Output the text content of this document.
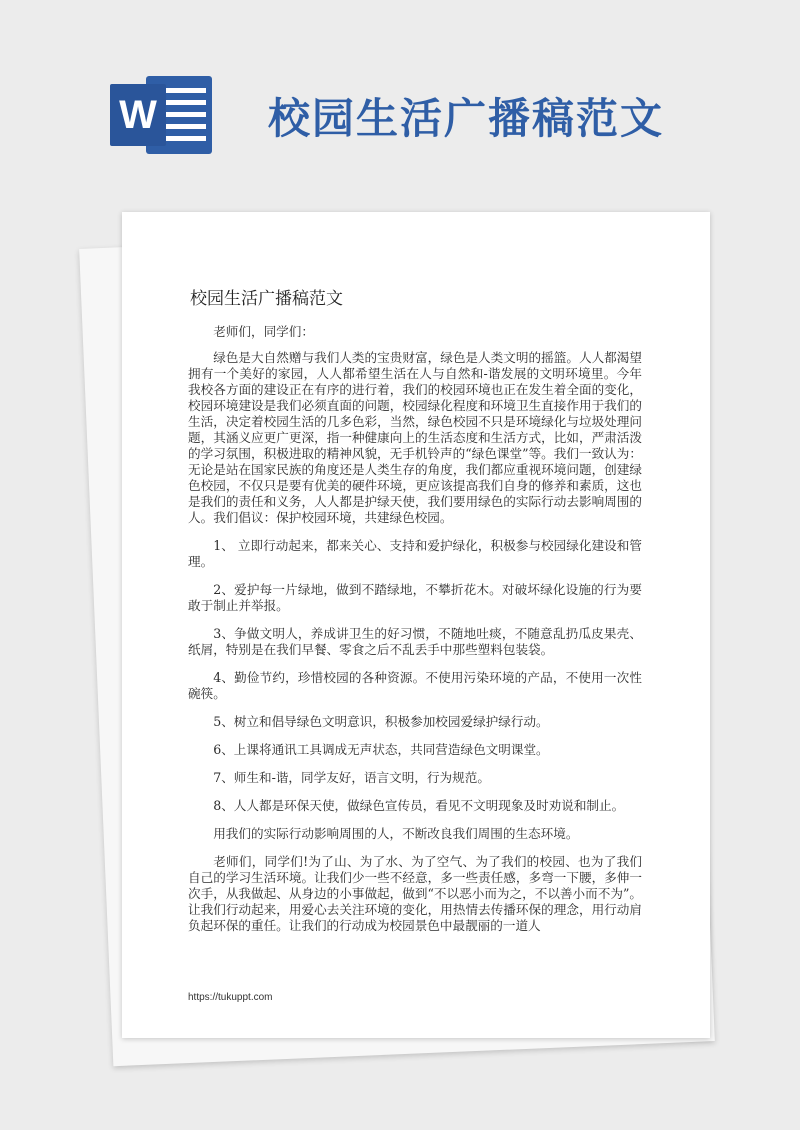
W	校园生活广播稿范文
校园生活广播稿范文

老师们，同学们：

绿色是大自然赠与我们人类的宝贵财富，绿色是人类文明的摇篮。人人都渴望拥有一个美好的家园，人人都希望生活在人与自然和-谐发展的文明环境里。今年我校各方面的建设正在有序的进行着，我们的校园环境也正在发生着全面的变化，校园环境建设是我们必须直面的问题，校园绿化程度和环境卫生直接作用于我们的生活，决定着校园生活的几多色彩，当然，绿色校园不只是环境绿化与垃圾处理问题，其涵义应更广更深，指一种健康向上的生活态度和生活方式，比如，严肃活泼的学习氛围，积极进取的精神风貌，无手机铃声的“绿色课堂”等。我们一致认为：无论是站在国家民族的角度还是人类生存的角度，我们都应重视环境问题，创建绿色校园，不仅只是要有优美的硬件环境，更应该提高我们自身的修养和素质，这也是我们的责任和义务，人人都是护绿天使，我们要用绿色的实际行动去影响周围的人。我们倡议：保护校园环境，共建绿色校园。

1、 立即行动起来，都来关心、支持和爱护绿化，积极参与校园绿化建设和管理。

2、爱护每一片绿地，做到不踏绿地，不攀折花木。对破坏绿化设施的行为要敢于制止并举报。

3、争做文明人，养成讲卫生的好习惯，不随地吐痰，不随意乱扔瓜皮果壳、纸屑，特别是在我们早餐、零食之后不乱丢手中那些塑料包装袋。

4、勤俭节约，珍惜校园的各种资源。不使用污染环境的产品，不使用一次性碗筷。

5、树立和倡导绿色文明意识，积极参加校园爱绿护绿行动。

6、上课将通讯工具调成无声状态，共同营造绿色文明课堂。

7、师生和-谐，同学友好，语言文明，行为规范。

8、人人都是环保天使，做绿色宣传员，看见不文明现象及时劝说和制止。

用我们的实际行动影响周围的人，不断改良我们周围的生态环境。

老师们，同学们!为了山、为了水、为了空气、为了我们的校园、也为了我们自己的学习生活环境。让我们少一些不经意，多一些责任感，多弯一下腰，多伸一次手，从我做起、从身边的小事做起，做到“不以恶小而为之，不以善小而不为”。让我们行动起来，用爱心去关注环境的变化，用热情去传播环保的理念，用行动肩负起环保的重任。让我们的行动成为校园景色中最靓丽的一道人

https://tukuppt.com
